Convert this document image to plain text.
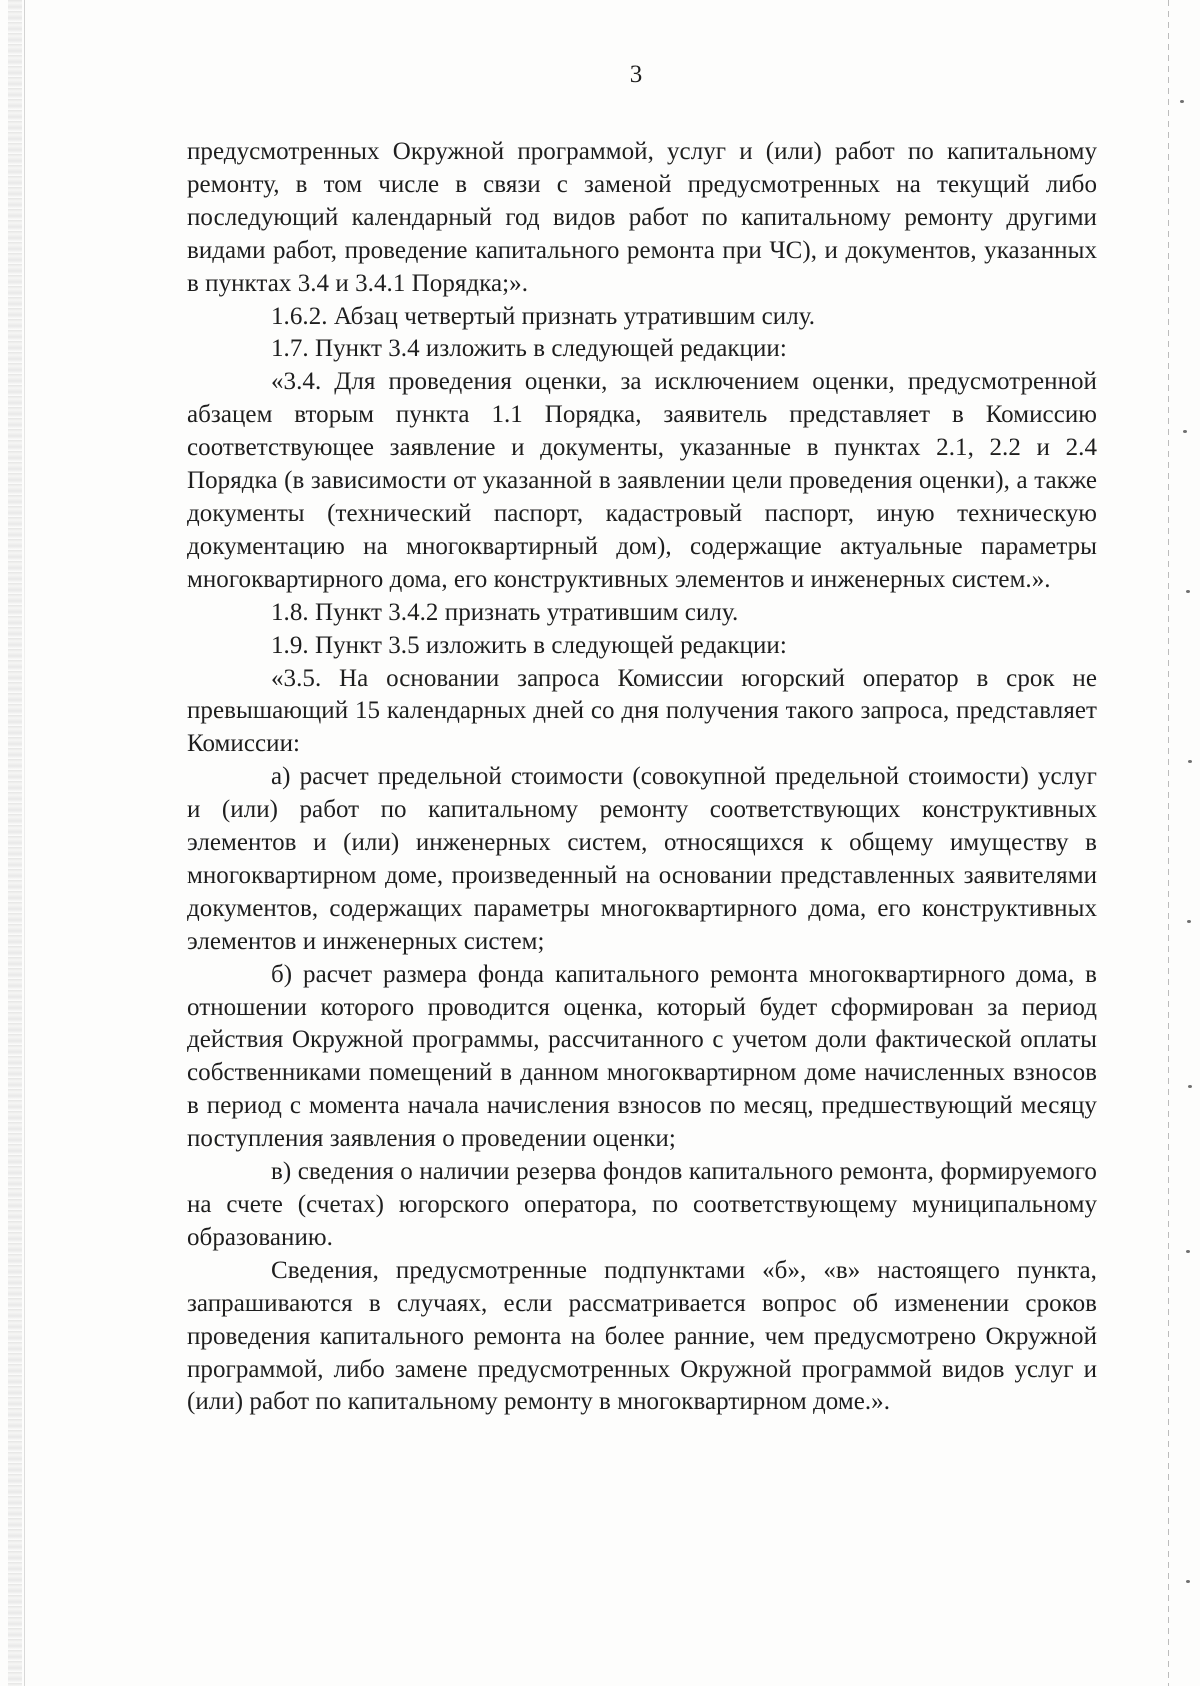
3

предусмотренных Окружной программой, услуг и (или) работ по капитальному ремонту, в том числе в связи с заменой предусмотренных на текущий либо последующий календарный год видов работ по капитальному ремонту другими видами работ, проведение капитального ремонта при ЧС), и документов, указанных в пунктах 3.4 и 3.4.1 Порядка;».

1.6.2. Абзац четвертый признать утратившим силу.

1.7. Пункт 3.4 изложить в следующей редакции:

«3.4. Для проведения оценки, за исключением оценки, предусмотренной абзацем вторым пункта 1.1 Порядка, заявитель представляет в Комиссию соответствующее заявление и документы, указанные в пунктах 2.1, 2.2 и 2.4 Порядка (в зависимости от указанной в заявлении цели проведения оценки), а также документы (технический паспорт, кадастровый паспорт, иную техническую документацию на многоквартирный дом), содержащие актуальные параметры многоквартирного дома, его конструктивных элементов и инженерных систем.».

1.8. Пункт 3.4.2 признать утратившим силу.

1.9. Пункт 3.5 изложить в следующей редакции:

«3.5. На основании запроса Комиссии югорский оператор в срок не превышающий 15 календарных дней со дня получения такого запроса, представляет Комиссии:

а) расчет предельной стоимости (совокупной предельной стоимости) услуг и (или) работ по капитальному ремонту соответствующих конструктивных элементов и (или) инженерных систем, относящихся к общему имуществу в многоквартирном доме, произведенный на основании представленных заявителями документов, содержащих параметры многоквартирного дома, его конструктивных элементов и инженерных систем;

б) расчет размера фонда капитального ремонта многоквартирного дома, в отношении которого проводится оценка, который будет сформирован за период действия Окружной программы, рассчитанного с учетом доли фактической оплаты собственниками помещений в данном многоквартирном доме начисленных взносов в период с момента начала начисления взносов по месяц, предшествующий месяцу поступления заявления о проведении оценки;

в) сведения о наличии резерва фондов капитального ремонта, формируемого на счете (счетах) югорского оператора, по соответствующему муниципальному образованию.

Сведения, предусмотренные подпунктами «б», «в» настоящего пункта, запрашиваются в случаях, если рассматривается вопрос об изменении сроков проведения капитального ремонта на более ранние, чем предусмотрено Окружной программой, либо замене предусмотренных Окружной программой видов услуг и (или) работ по капитальному ремонту в многоквартирном доме.».
